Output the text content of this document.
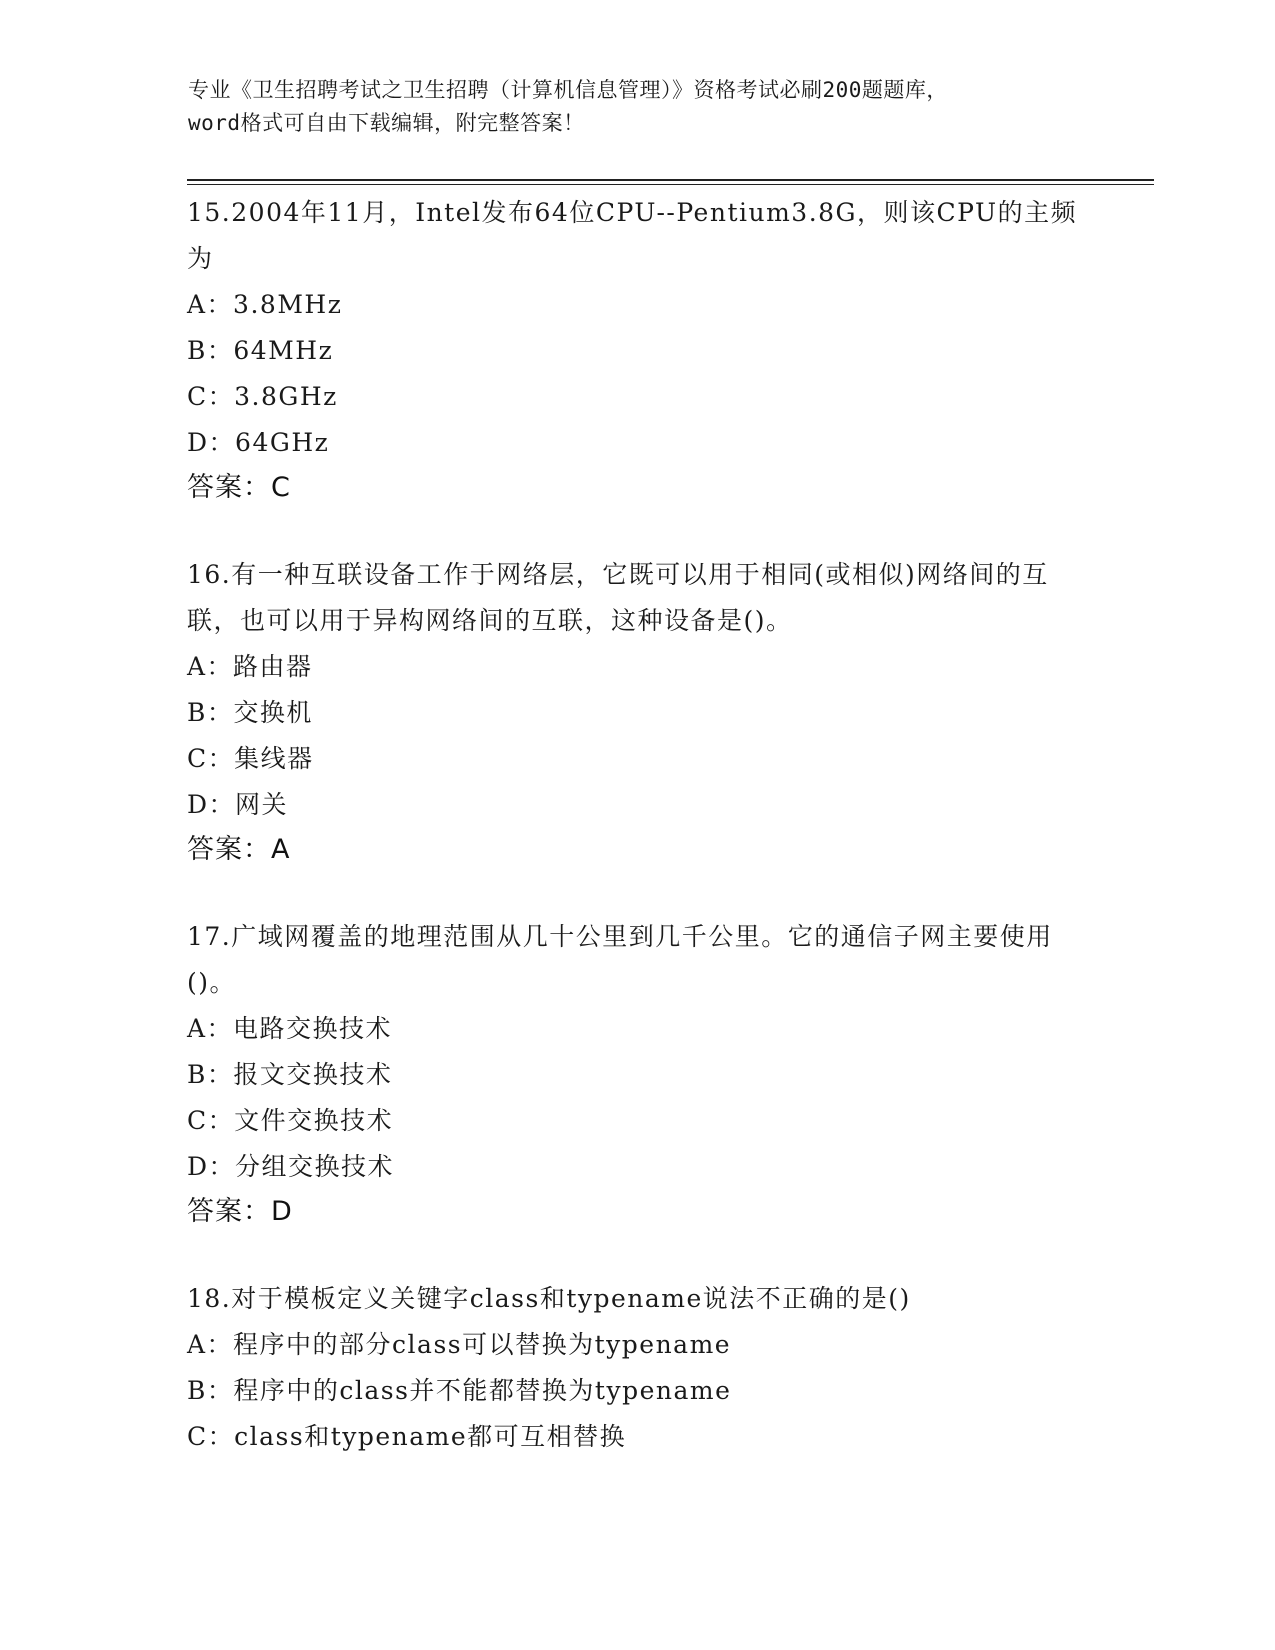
专业《卫生招聘考试之卫生招聘（计算机信息管理）》资格考试必刷200题题库，
word格式可自由下载编辑，附完整答案！
15.2004年11月，Intel发布64位CPU--Pentium3.8G，则该CPU的主频为
A：3.8MHz
B：64MHz
C：3.8GHz
D：64GHz
答案：C
16.有一种互联设备工作于网络层，它既可以用于相同(或相似)网络间的互联，也可以用于异构网络间的互联，这种设备是()。
A：路由器
B：交换机
C：集线器
D：网关
答案：A
17.广域网覆盖的地理范围从几十公里到几千公里。它的通信子网主要使用()。
A：电路交换技术
B：报文交换技术
C：文件交换技术
D：分组交换技术
答案：D
18.对于模板定义关键字class和typename说法不正确的是()
A：程序中的部分class可以替换为typename
B：程序中的class并不能都替换为typename
C：class和typename都可互相替换
